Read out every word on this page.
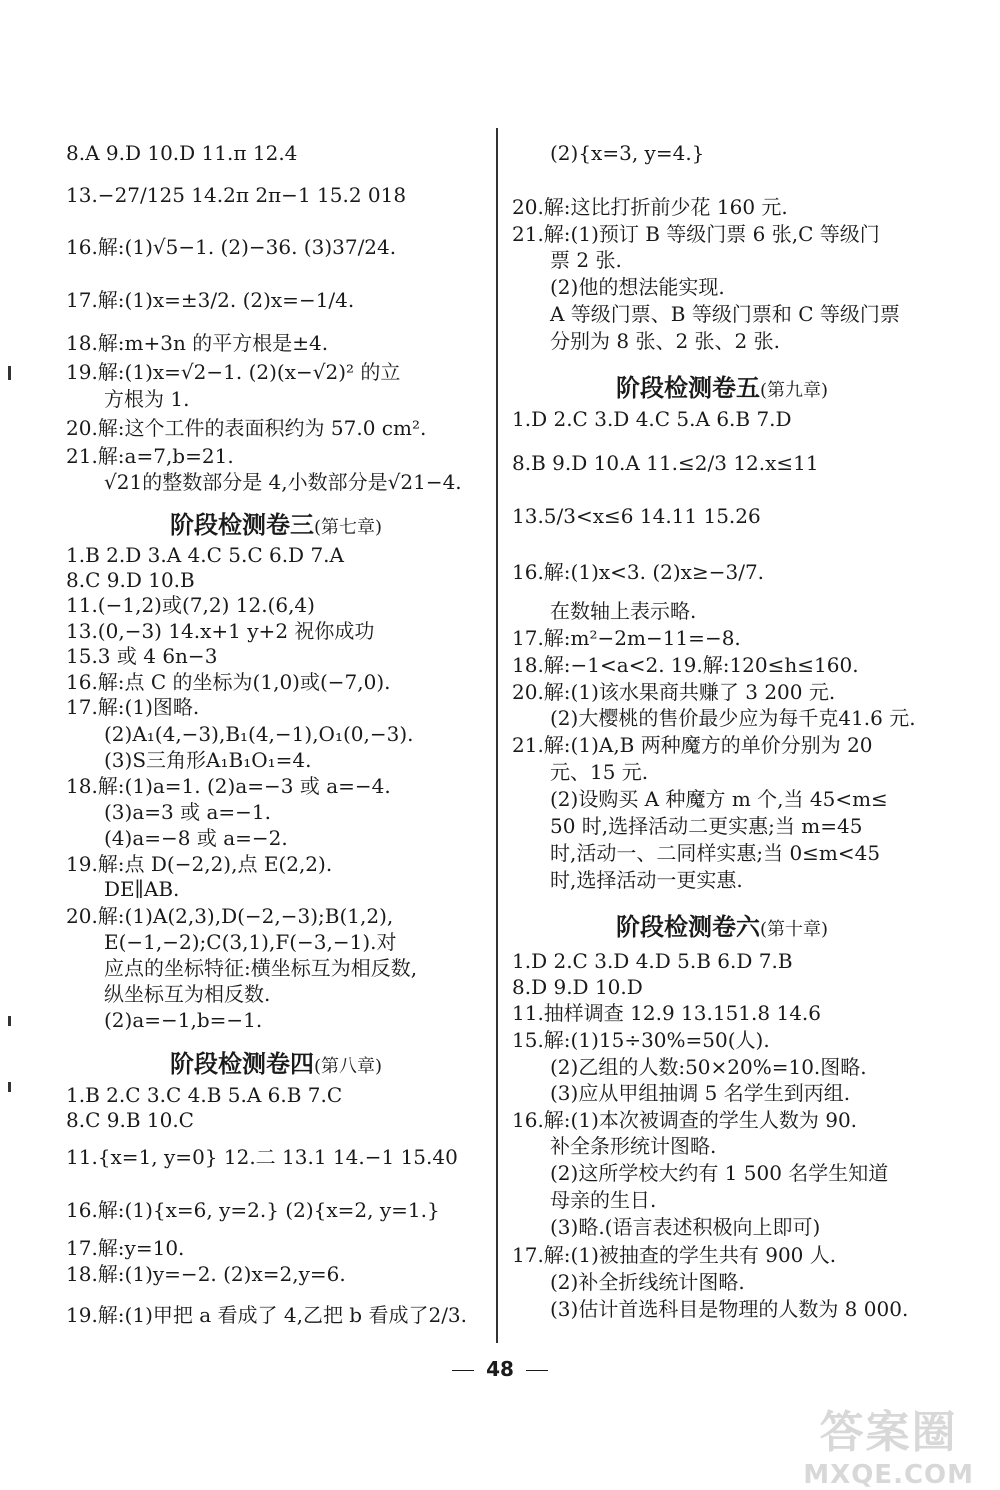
8.A 9.D 10.D 11.π 12.4
13.−27/125 14.2π 2π−1 15.2 018
16.解:(1)√5−1. (2)−36. (3)37/24.
17.解:(1)x=±3/2. (2)x=−1/4.
18.解:m+3n 的平方根是±4.
19.解:(1)x=√2−1. (2)(x−√2)² 的立
方根为 1.
20.解:这个工件的表面积约为 57.0 cm².
21.解:a=7,b=21.
√21的整数部分是 4,小数部分是√21−4.
阶段检测卷三(第七章)
1.B 2.D 3.A 4.C 5.C 6.D 7.A
8.C 9.D 10.B
11.(−1,2)或(7,2) 12.(6,4)
13.(0,−3) 14.x+1 y+2 祝你成功
15.3 或 4 6n−3
16.解:点 C 的坐标为(1,0)或(−7,0).
17.解:(1)图略.
(2)A₁(4,−3),B₁(4,−1),O₁(0,−3).
(3)S三角形A₁B₁O₁=4.
18.解:(1)a=1. (2)a=−3 或 a=−4.
(3)a=3 或 a=−1.
(4)a=−8 或 a=−2.
19.解:点 D(−2,2),点 E(2,2).
DE∥AB.
20.解:(1)A(2,3),D(−2,−3);B(1,2),
E(−1,−2);C(3,1),F(−3,−1).对
应点的坐标特征:横坐标互为相反数,
纵坐标互为相反数.
(2)a=−1,b=−1.
阶段检测卷四(第八章)
1.B 2.C 3.C 4.B 5.A 6.B 7.C
8.C 9.B 10.C
11.{x=1, y=0} 12.二 13.1 14.−1 15.40
16.解:(1){x=6, y=2.} (2){x=2, y=1.}
17.解:y=10.
18.解:(1)y=−2. (2)x=2,y=6.
19.解:(1)甲把 a 看成了 4,乙把 b 看成了2/3.
(2){x=3, y=4.}
20.解:这比打折前少花 160 元.
21.解:(1)预订 B 等级门票 6 张,C 等级门
票 2 张.
(2)他的想法能实现.
A 等级门票、B 等级门票和 C 等级门票
分别为 8 张、2 张、2 张.
阶段检测卷五(第九章)
1.D 2.C 3.D 4.C 5.A 6.B 7.D
8.B 9.D 10.A 11.≤2/3 12.x≤11
13.5/3<x≤6 14.11 15.26
16.解:(1)x<3. (2)x≥−3/7.
在数轴上表示略.
17.解:m²−2m−11=−8.
18.解:−1<a<2. 19.解:120≤h≤160.
20.解:(1)该水果商共赚了 3 200 元.
(2)大樱桃的售价最少应为每千克41.6 元.
21.解:(1)A,B 两种魔方的单价分别为 20
元、15 元.
(2)设购买 A 种魔方 m 个,当 45<m≤
50 时,选择活动二更实惠;当 m=45
时,活动一、二同样实惠;当 0≤m<45
时,选择活动一更实惠.
阶段检测卷六(第十章)
1.D 2.C 3.D 4.D 5.B 6.D 7.B
8.D 9.D 10.D
11.抽样调查 12.9 13.151.8 14.6
15.解:(1)15÷30%=50(人).
(2)乙组的人数:50×20%=10.图略.
(3)应从甲组抽调 5 名学生到丙组.
16.解:(1)本次被调查的学生人数为 90.
补全条形统计图略.
(2)这所学校大约有 1 500 名学生知道
母亲的生日.
(3)略.(语言表述积极向上即可)
17.解:(1)被抽查的学生共有 900 人.
(2)补全折线统计图略.
(3)估计首选科目是物理的人数为 8 000.
48
答案圈
MXQE.COM
